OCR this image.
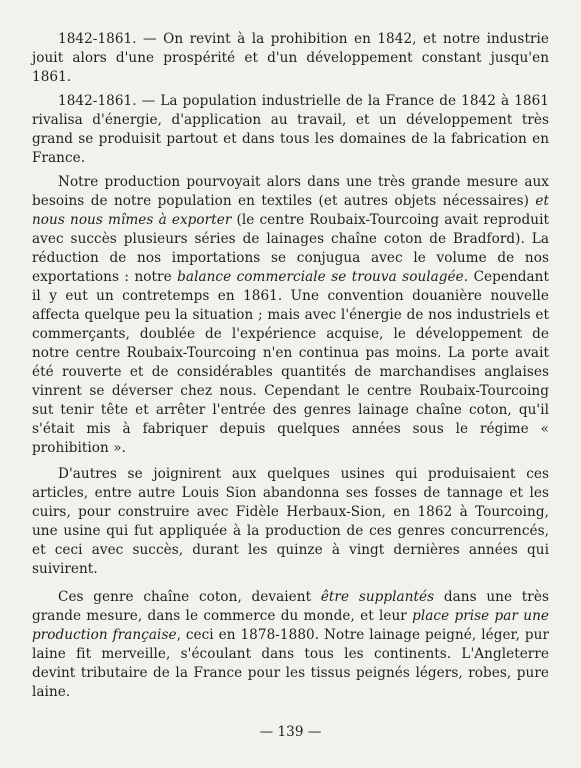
1842-1861. — On revint à la prohibition en 1842, et notre industrie jouit alors d'une prospérité et d'un développement constant jusqu'en 1861.

1842-1861. — La population industrielle de la France de 1842 à 1861 rivalisa d'énergie, d'application au travail, et un développement très grand se produisit partout et dans tous les domaines de la fabrication en France.

Notre production pourvoyait alors dans une très grande mesure aux besoins de notre population en textiles (et autres objets nécessaires) et nous nous mîmes à exporter (le centre Roubaix-Tourcoing avait reproduit avec succès plusieurs séries de lainages chaîne coton de Bradford). La réduction de nos importations se conjugua avec le volume de nos exportations : notre balance commerciale se trouva soulagée. Cependant il y eut un contretemps en 1861. Une convention douanière nouvelle affecta quelque peu la situation ; mais avec l'énergie de nos industriels et commerçants, doublée de l'expérience acquise, le développement de notre centre Roubaix-Tourcoing n'en continua pas moins. La porte avait été rouverte et de considérables quantités de marchandises anglaises vinrent se déverser chez nous. Cependant le centre Roubaix-Tourcoing sut tenir tête et arrêter l'entrée des genres lainage chaîne coton, qu'il s'était mis à fabriquer depuis quelques années sous le régime « prohibition ».

D'autres se joignirent aux quelques usines qui produisaient ces articles, entre autre Louis Sion abandonna ses fosses de tannage et les cuirs, pour construire avec Fidèle Herbaux-Sion, en 1862 à Tourcoing, une usine qui fut appliquée à la production de ces genres concurrencés, et ceci avec succès, durant les quinze à vingt dernières années qui suivirent.

Ces genre chaîne coton, devaient être supplantés dans une très grande mesure, dans le commerce du monde, et leur place prise par une production française, ceci en 1878-1880. Notre lainage peigné, léger, pur laine fit merveille, s'écoulant dans tous les continents. L'Angleterre devint tributaire de la France pour les tissus peignés légers, robes, pure laine.

— 139 —
